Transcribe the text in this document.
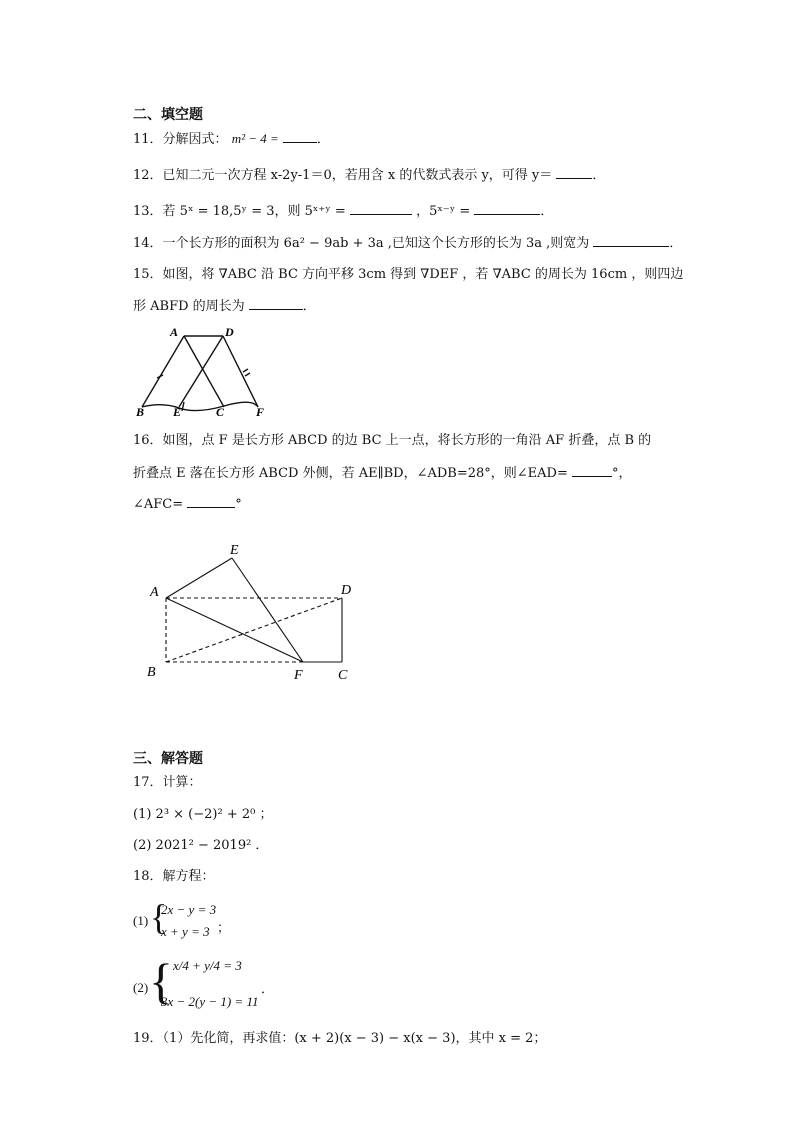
二、填空题
11．分解因式： m² − 4 =	．
12．已知二元一次方程 x-2y-1＝0，若用含 x 的代数式表示 y，可得 y＝	．
13．若 5ˣ = 18,5ʸ = 3，则 5ˣ⁺ʸ =	，5ˣ⁻ʸ =	．
14．一个长方形的面积为 6a² − 9ab + 3a ,已知这个长方形的长为 3a ,则宽为	．
15．如图，将 ∇ABC 沿 BC 方向平移 3cm 得到 ∇DEF ，若 ∇ABC 的周长为 16cm ，则四边
形 ABFD 的周长为	．
A	D
B E	C	F
16．如图，点 F 是长方形 ABCD 的边 BC 上一点，将长方形的一角沿 AF 折叠，点 B 的
折叠点 E 落在长方形 ABCD 外侧，若 AE∥BD，∠ADB=28°，则∠EAD=	°，
∠AFC=	°
E
A	D
B	F	C
三、解答题
17．计算：
(1) 2³ × (−2)² + 2⁰ ；
(2) 2021² − 2019² ．
18．解方程：
(1) {
2x − y = 3
x + y = 3 ；
(2) { x/4 + y/4 = 3
3x − 2(y − 1) = 11
．
19．（1）先化简，再求值：(x + 2)(x − 3) − x(x − 3)，其中 x = 2；
